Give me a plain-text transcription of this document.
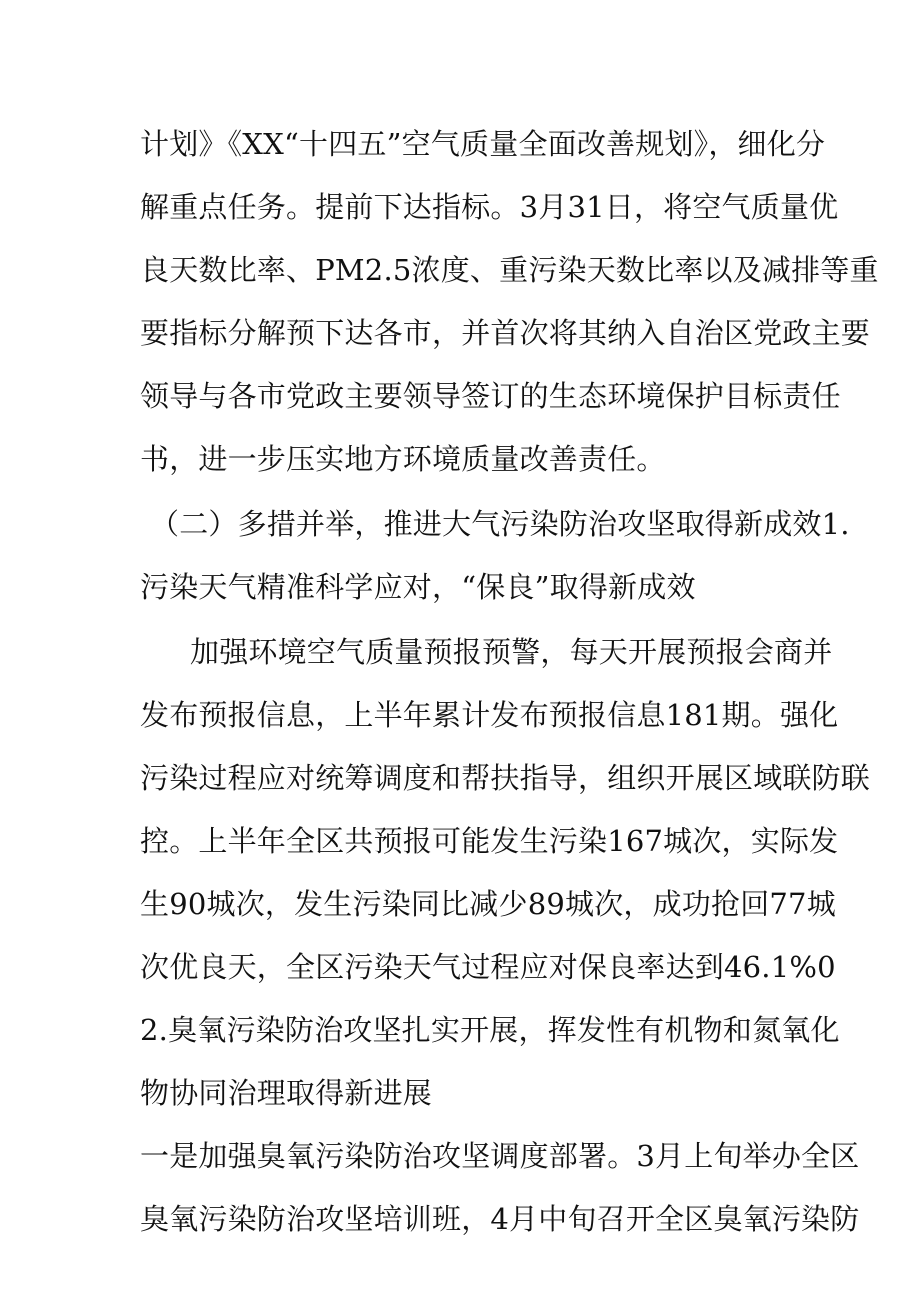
计划》《XX“十四五”空气质量全面改善规划》，细化分
解重点任务。提前下达指标。3月31日，将空气质量优
良天数比率、PM2.5浓度、重污染天数比率以及减排等重
要指标分解预下达各市，并首次将其纳入自治区党政主要
领导与各市党政主要领导签订的生态环境保护目标责任
书，进一步压实地方环境质量改善责任。
（二）多措并举，推进大气污染防治攻坚取得新成效1.
污染天气精准科学应对，“保良”取得新成效
加强环境空气质量预报预警，每天开展预报会商并
发布预报信息，上半年累计发布预报信息181期。强化
污染过程应对统筹调度和帮扶指导，组织开展区域联防联
控。上半年全区共预报可能发生污染167城次，实际发
生90城次，发生污染同比减少89城次，成功抢回77城
次优良天，全区污染天气过程应对保良率达到46.1%0
2.臭氧污染防治攻坚扎实开展，挥发性有机物和氮氧化
物协同治理取得新进展
一是加强臭氧污染防治攻坚调度部署。3月上旬举办全区
臭氧污染防治攻坚培训班，4月中旬召开全区臭氧污染防
